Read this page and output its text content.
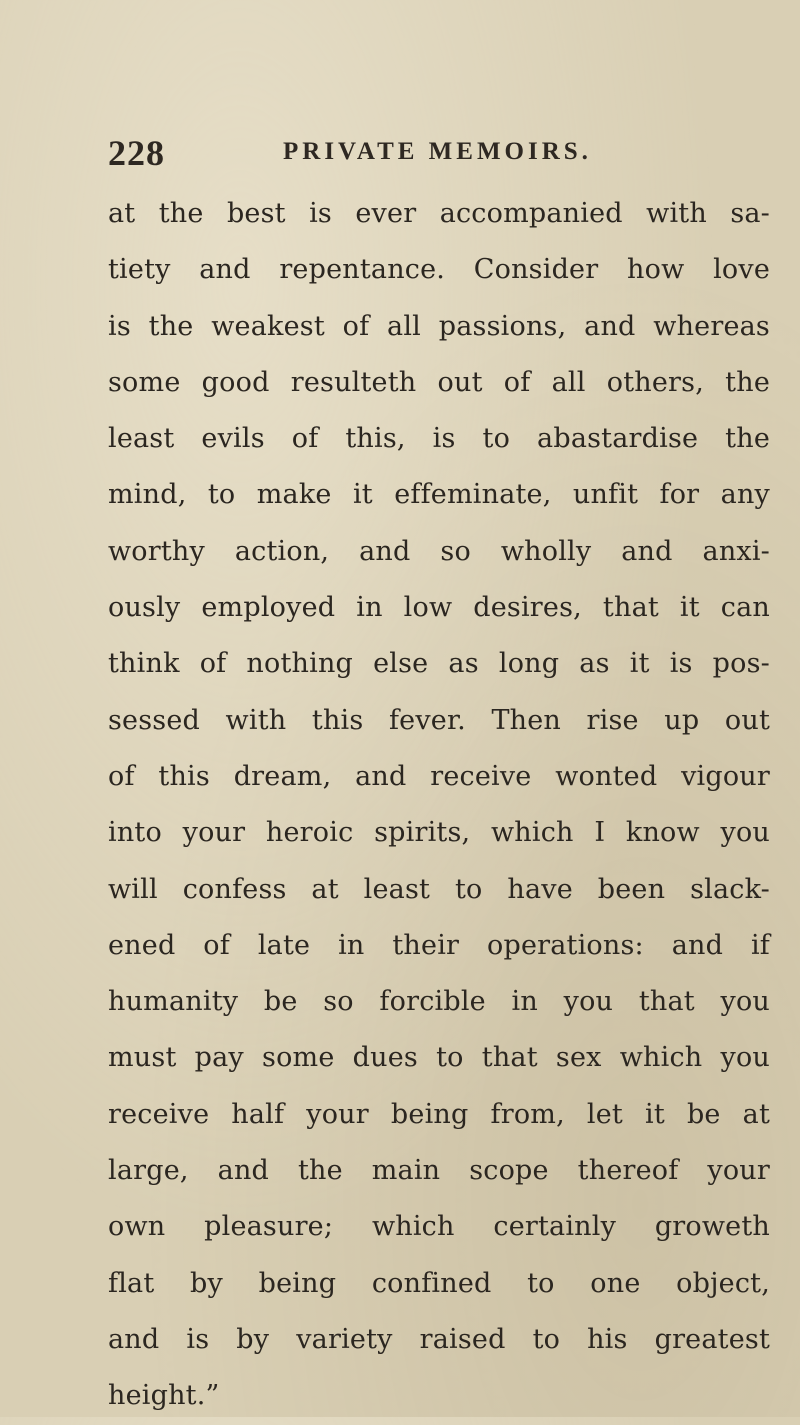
228	PRIVATE MEMOIRS.
at the best is ever accompanied with sa-
tiety and repentance. Consider how love
is the weakest of all passions, and whereas
some good resulteth out of all others, the
least evils of this, is to abastardise the
mind, to make it effeminate, unfit for any
worthy action, and so wholly and anxi-
ously employed in low desires, that it can
think of nothing else as long as it is pos-
sessed with this fever. Then rise up out
of this dream, and receive wonted vigour
into your heroic spirits, which I know you
will confess at least to have been slack-
ened of late in their operations: and if
humanity be so forcible in you that you
must pay some dues to that sex which you
receive half your being from, let it be at
large, and the main scope thereof your
own pleasure; which certainly groweth
flat by being confined to one object,
and is by variety raised to his greatest
height.”
